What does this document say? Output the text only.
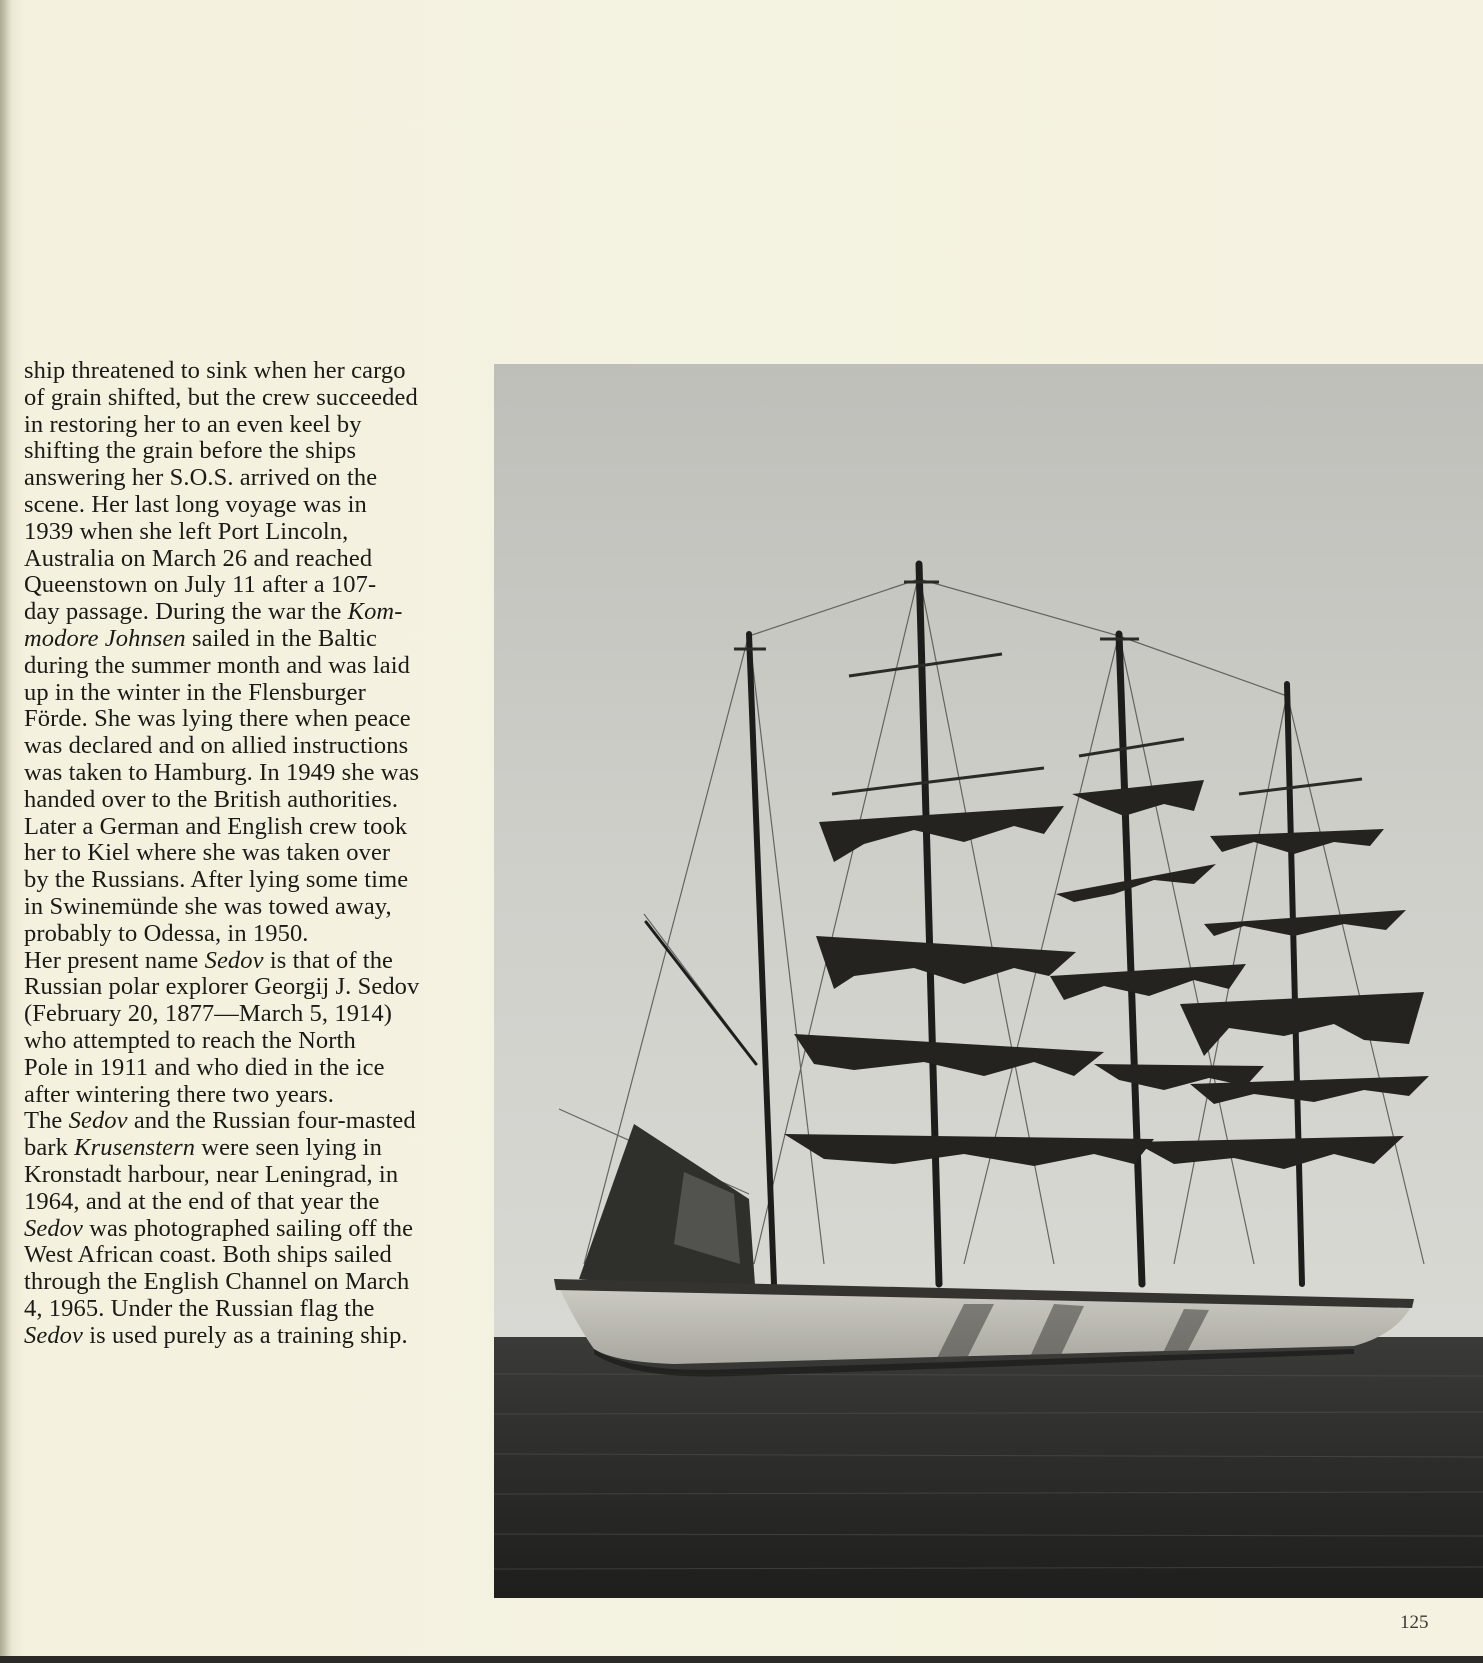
ship threatened to sink when her cargo
of grain shifted, but the crew succeeded
in restoring her to an even keel by
shifting the grain before the ships
answering her S.O.S. arrived on the
scene. Her last long voyage was in
1939 when she left Port Lincoln,
Australia on March 26 and reached
Queenstown on July 11 after a 107-
day passage. During the war the Kom-
modore Johnsen sailed in the Baltic
during the summer month and was laid
up in the winter in the Flensburger
Förde. She was lying there when peace
was declared and on allied instructions
was taken to Hamburg. In 1949 she was
handed over to the British authorities.
Later a German and English crew took
her to Kiel where she was taken over
by the Russians. After lying some time
in Swinemünde she was towed away,
probably to Odessa, in 1950.
Her present name Sedov is that of the
Russian polar explorer Georgij J. Sedov
(February 20, 1877—March 5, 1914)
who attempted to reach the North
Pole in 1911 and who died in the ice
after wintering there two years.
The Sedov and the Russian four-masted
bark Krusenstern were seen lying in
Kronstadt harbour, near Leningrad, in
1964, and at the end of that year the
Sedov was photographed sailing off the
West African coast. Both ships sailed
through the English Channel on March
4, 1965. Under the Russian flag the
Sedov is used purely as a training ship.
125
